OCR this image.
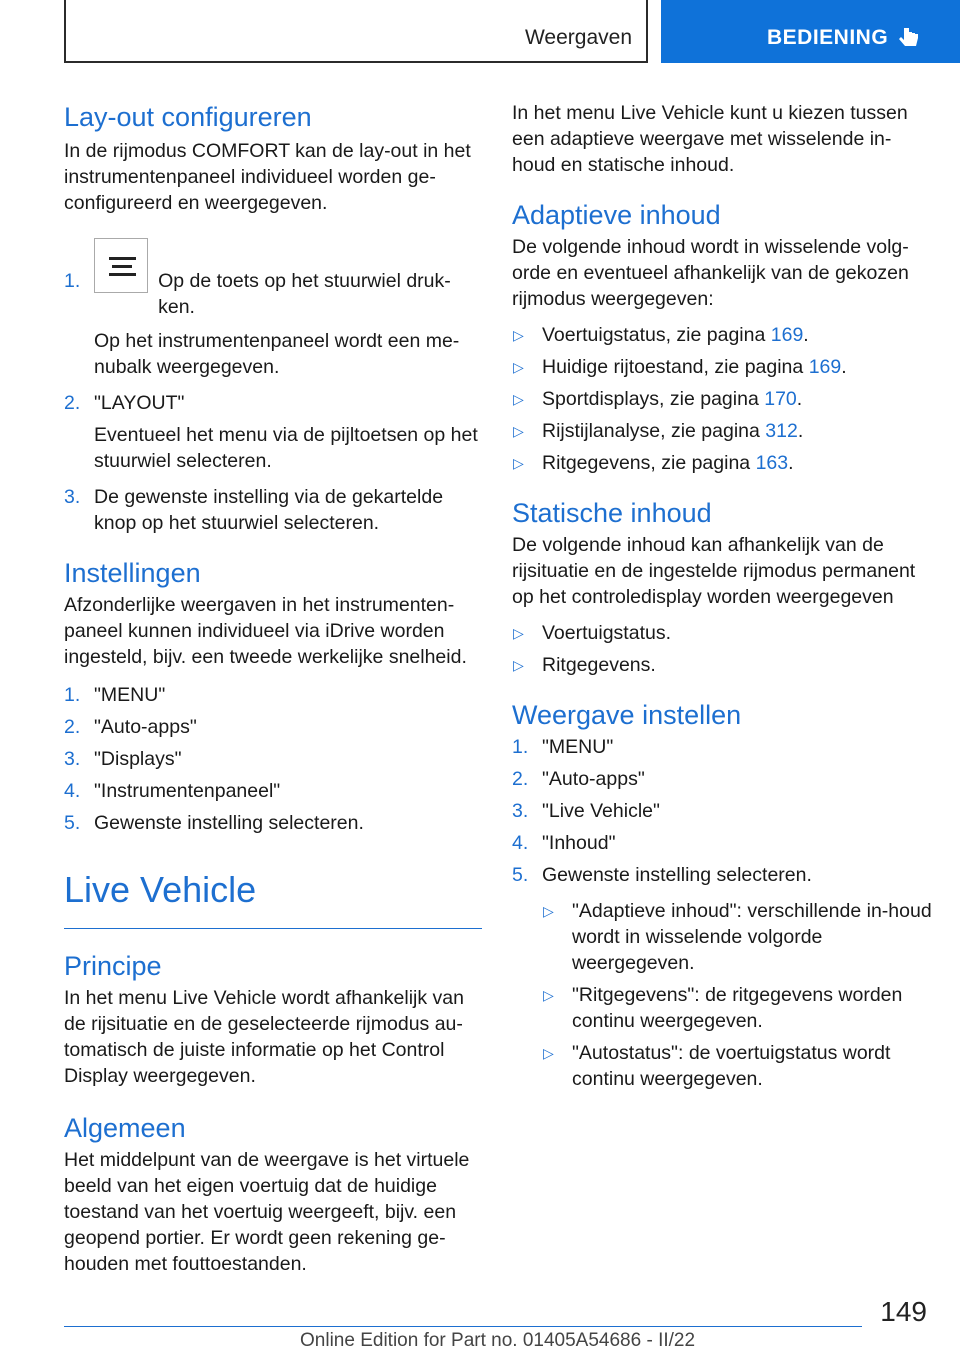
Weergaven	BEDIENING
Lay-out configureren

In de rijmodus COMFORT kan de lay-out in het instrumentenpaneel individueel worden ge-configureerd en weergegeven.

1.	Op de toets op het stuurwiel druk-ken.
Op het instrumentenpaneel wordt een me-nubalk weergegeven.
2. "LAYOUT"
Eventueel het menu via de pijltoetsen op het stuurwiel selecteren.
3. De gewenste instelling via de gekartelde knop op het stuurwiel selecteren.
Instellingen

Afzonderlijke weergaven in het instrumenten-paneel kunnen individueel via iDrive worden ingesteld, bijv. een tweede werkelijke snelheid.

1. "MENU"
2. "Auto-apps"
3. "Displays"
4. "Instrumentenpaneel"
5. Gewenste instelling selecteren.
Live Vehicle
Principe

In het menu Live Vehicle wordt afhankelijk van de rijsituatie en de geselecteerde rijmodus au-tomatisch de juiste informatie op het Control Display weergegeven.

Algemeen

Het middelpunt van de weergave is het virtuele beeld van het eigen voertuig dat de huidige toestand van het voertuig weergeeft, bijv. een geopend portier. Er wordt geen rekening ge-houden met fouttoestanden.

In het menu Live Vehicle kunt u kiezen tussen een adaptieve weergave met wisselende in-houd en statische inhoud.

Adaptieve inhoud

De volgende inhoud wordt in wisselende volg-orde en eventueel afhankelijk van de gekozen rijmodus weergegeven:

▷ Voertuigstatus, zie pagina 169.
▷ Huidige rijtoestand, zie pagina 169.
▷ Sportdisplays, zie pagina 170.
▷ Rijstijlanalyse, zie pagina 312.
▷ Ritgegevens, zie pagina 163.
Statische inhoud

De volgende inhoud kan afhankelijk van de rijsituatie en de ingestelde rijmodus permanent op het controledisplay worden weergegeven

▷ Voertuigstatus.
▷ Ritgegevens.
Weergave instellen
1. "MENU"
2. "Auto-apps"
3. "Live Vehicle"
4. "Inhoud"
5. Gewenste instelling selecteren.
▷ "Adaptieve inhoud": verschillende in-houd wordt in wisselende volgorde weergegeven.
▷ "Ritgegevens": de ritgegevens worden continu weergegeven.
▷ "Autostatus": de voertuigstatus wordt continu weergegeven.
149
Online Edition for Part no. 01405A54686 - II/22
